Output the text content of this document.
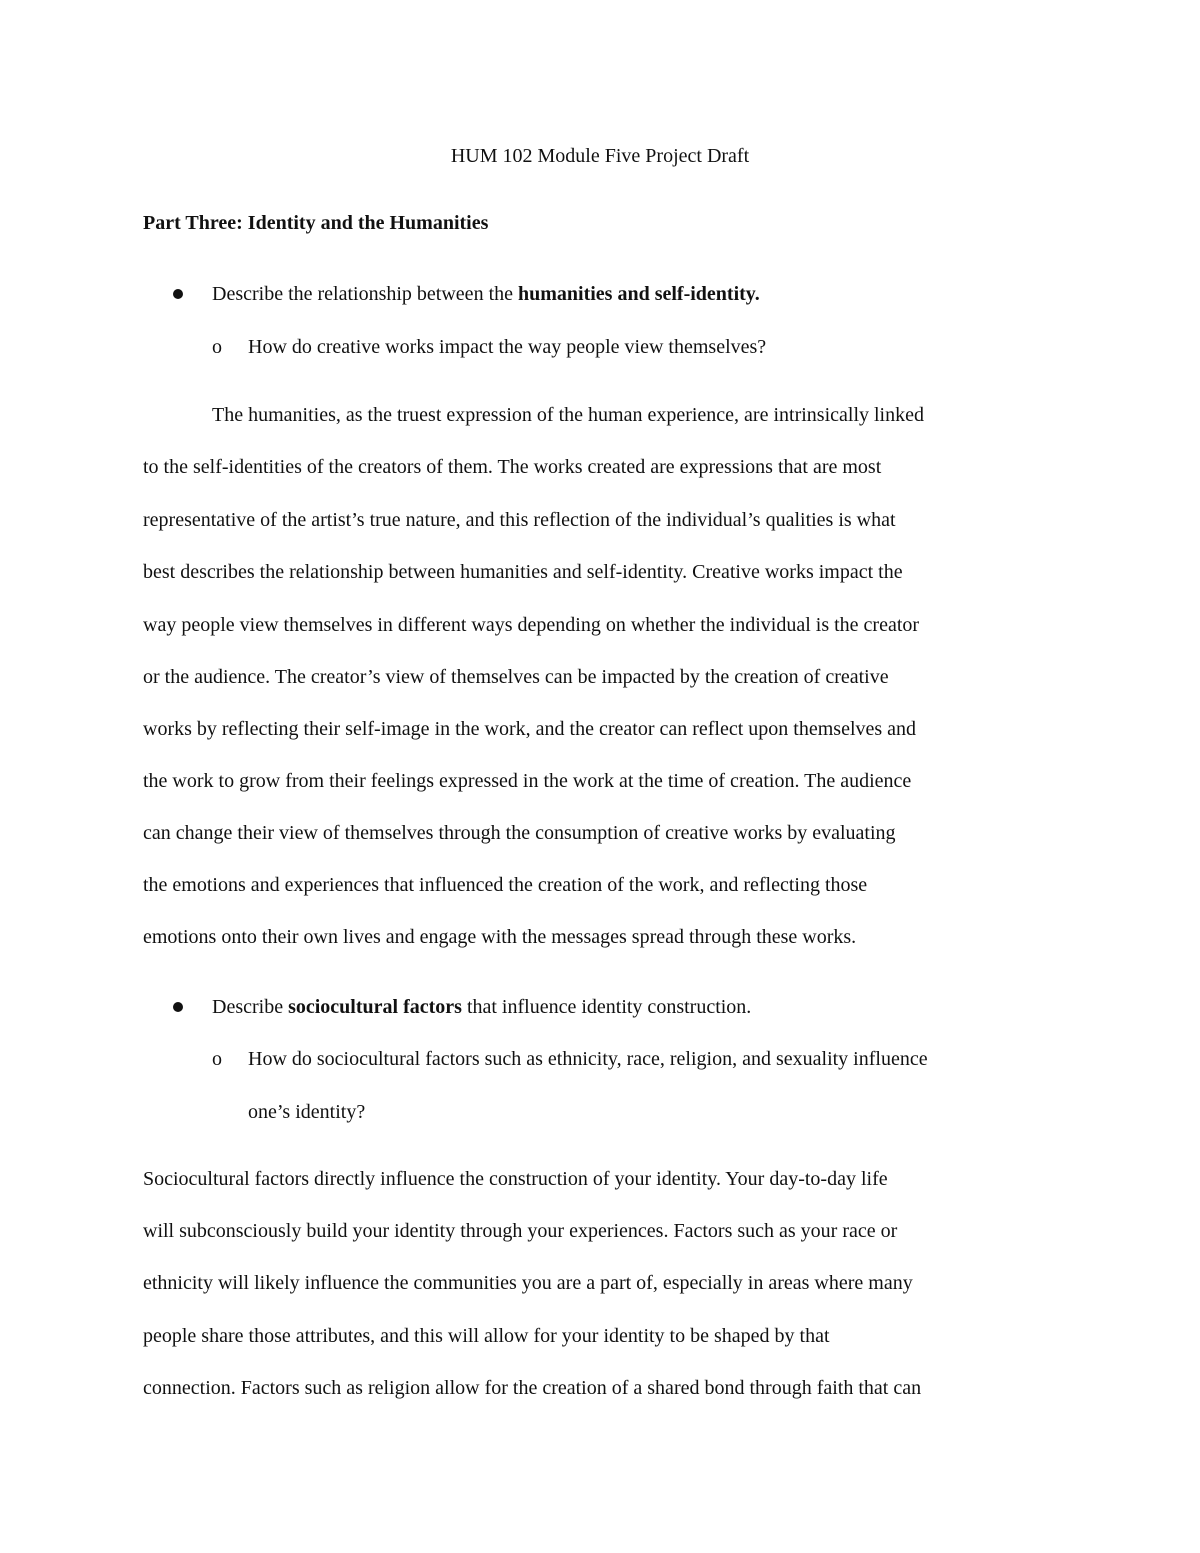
HUM 102 Module Five Project Draft
Part Three: Identity and the Humanities
Describe the relationship between the humanities and self-identity.
o How do creative works impact the way people view themselves?
The humanities, as the truest expression of the human experience, are intrinsically linked
to the self-identities of the creators of them. The works created are expressions that are most
representative of the artist’s true nature, and this reflection of the individual’s qualities is what
best describes the relationship between humanities and self-identity. Creative works impact the
way people view themselves in different ways depending on whether the individual is the creator
or the audience. The creator’s view of themselves can be impacted by the creation of creative
works by reflecting their self-image in the work, and the creator can reflect upon themselves and
the work to grow from their feelings expressed in the work at the time of creation. The audience
can change their view of themselves through the consumption of creative works by evaluating
the emotions and experiences that influenced the creation of the work, and reflecting those
emotions onto their own lives and engage with the messages spread through these works.
Describe sociocultural factors that influence identity construction.
o How do sociocultural factors such as ethnicity, race, religion, and sexuality influence
one’s identity?
Sociocultural factors directly influence the construction of your identity. Your day-to-day life
will subconsciously build your identity through your experiences. Factors such as your race or
ethnicity will likely influence the communities you are a part of, especially in areas where many
people share those attributes, and this will allow for your identity to be shaped by that
connection. Factors such as religion allow for the creation of a shared bond through faith that can
